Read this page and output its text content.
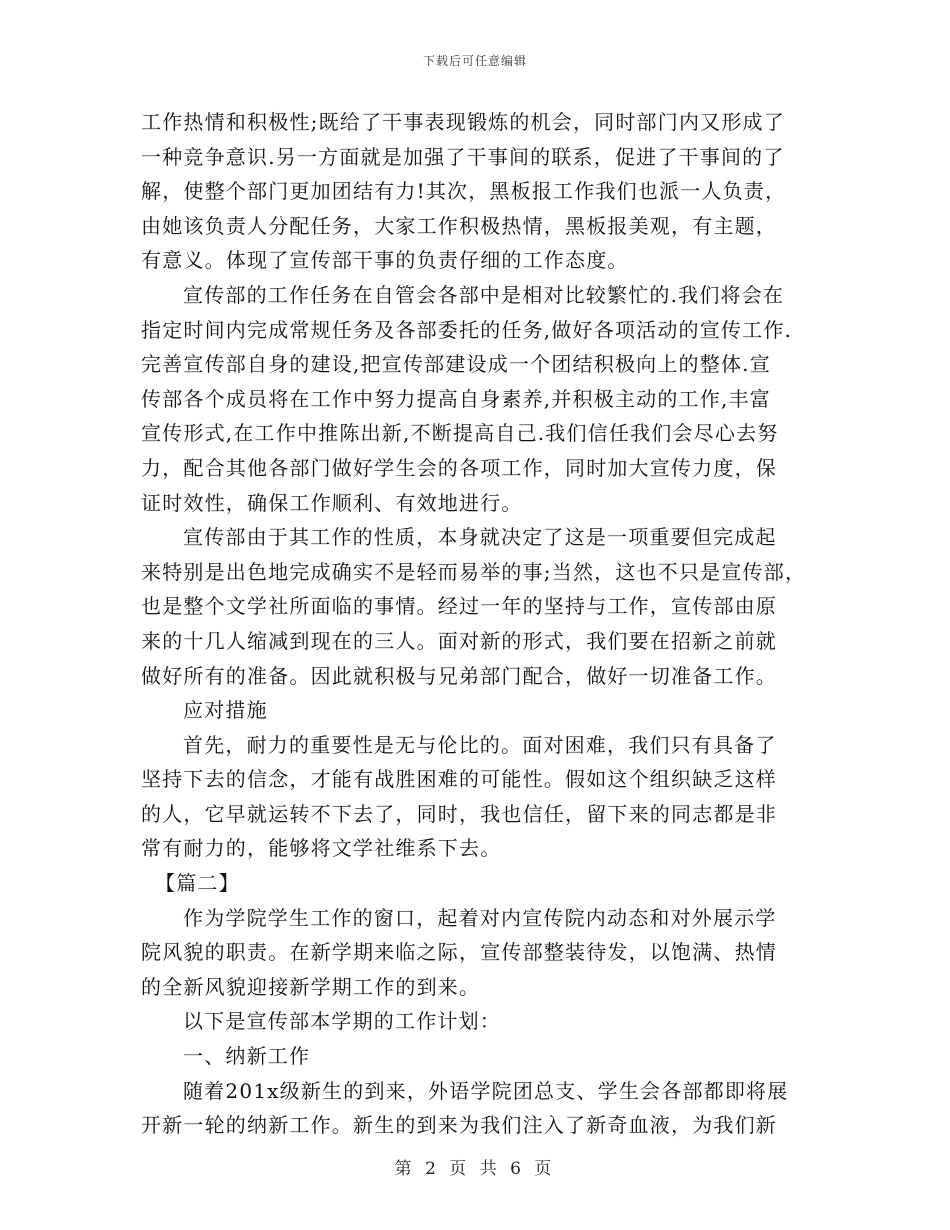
下载后可任意编辑
工作热情和积极性;既给了干事表现锻炼的机会，同时部门内又形成了
一种竞争意识.另一方面就是加强了干事间的联系，促进了干事间的了
解，使整个部门更加团结有力!其次，黑板报工作我们也派一人负责，
由她该负责人分配任务，大家工作积极热情，黑板报美观，有主题，
有意义。体现了宣传部干事的负责仔细的工作态度。
宣传部的工作任务在自管会各部中是相对比较繁忙的.我们将会在
指定时间内完成常规任务及各部委托的任务,做好各项活动的宣传工作.
完善宣传部自身的建设,把宣传部建设成一个团结积极向上的整体.宣
传部各个成员将在工作中努力提高自身素养,并积极主动的工作,丰富
宣传形式,在工作中推陈出新,不断提高自己.我们信任我们会尽心去努
力，配合其他各部门做好学生会的各项工作，同时加大宣传力度，保
证时效性，确保工作顺利、有效地进行。
宣传部由于其工作的性质，本身就决定了这是一项重要但完成起
来特别是出色地完成确实不是轻而易举的事;当然，这也不只是宣传部，
也是整个文学社所面临的事情。经过一年的坚持与工作，宣传部由原
来的十几人缩减到现在的三人。面对新的形式，我们要在招新之前就
做好所有的准备。因此就积极与兄弟部门配合，做好一切准备工作。
应对措施
首先，耐力的重要性是无与伦比的。面对困难，我们只有具备了
坚持下去的信念，才能有战胜困难的可能性。假如这个组织缺乏这样
的人，它早就运转不下去了，同时，我也信任，留下来的同志都是非
常有耐力的，能够将文学社维系下去。
【篇二】
作为学院学生工作的窗口，起着对内宣传院内动态和对外展示学
院风貌的职责。在新学期来临之际，宣传部整装待发，以饱满、热情
的全新风貌迎接新学期工作的到来。
以下是宣传部本学期的工作计划：
一、纳新工作
随着201x级新生的到来，外语学院团总支、学生会各部都即将展
开新一轮的纳新工作。新生的到来为我们注入了新奇血液，为我们新
第 2 页 共 6 页
